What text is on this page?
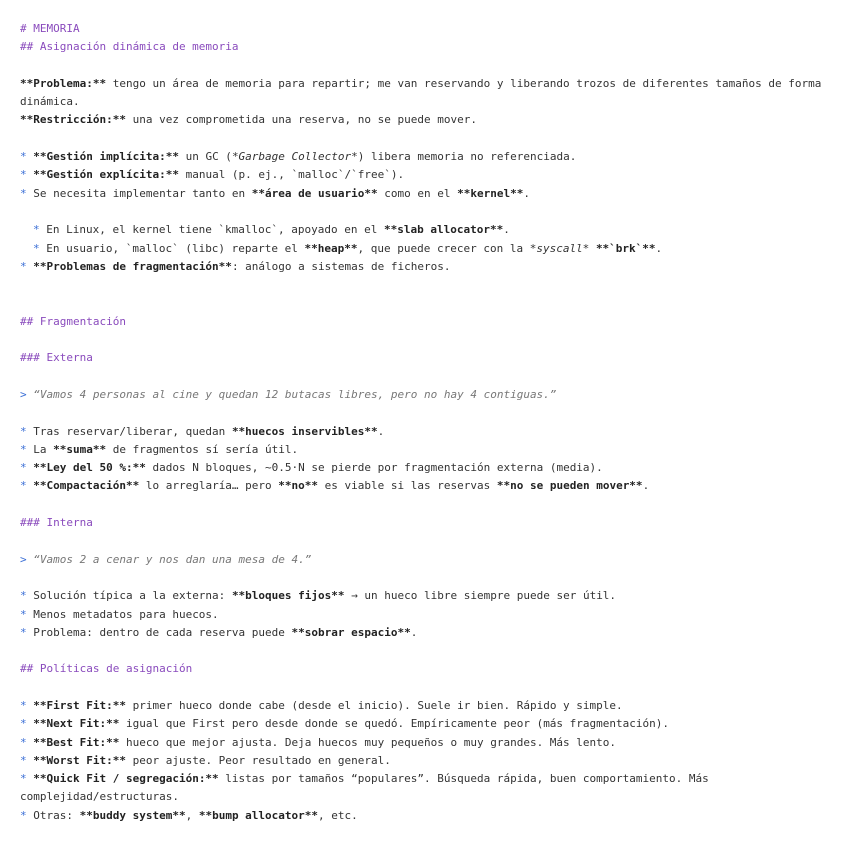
# MEMORIA
## Asignación dinámica de memoria
**Problema:** tengo un área de memoria para repartir; me van reservando y liberando trozos de diferentes tamaños de forma dinámica.
**Restricción:** una vez comprometida una reserva, no se puede mover.
* **Gestión implícita:** un GC (*Garbage Collector*) libera memoria no referenciada.
* **Gestión explícita:** manual (p. ej., `malloc`/`free`).
* Se necesita implementar tanto en **área de usuario** como en el **kernel**.
* En Linux, el kernel tiene `kmalloc`, apoyado en el **slab allocator**.
* En usuario, `malloc` (libc) reparte el **heap**, que puede crecer con la *syscall* **`brk`**.
* **Problemas de fragmentación**: análogo a sistemas de ficheros.
## Fragmentación
### Externa
> “Vamos 4 personas al cine y quedan 12 butacas libres, pero no hay 4 contiguas.”
* Tras reservar/liberar, quedan **huecos inservibles**.
* La **suma** de fragmentos sí sería útil.
* **Ley del 50 %:** dados N bloques, ~0.5·N se pierde por fragmentación externa (media).
* **Compactación** lo arreglaría… pero **no** es viable si las reservas **no se pueden mover**.
### Interna
> “Vamos 2 a cenar y nos dan una mesa de 4.”
* Solución típica a la externa: **bloques fijos** → un hueco libre siempre puede ser útil.
* Menos metadatos para huecos.
* Problema: dentro de cada reserva puede **sobrar espacio**.
## Políticas de asignación
* **First Fit:** primer hueco donde cabe (desde el inicio). Suele ir bien. Rápido y simple.
* **Next Fit:** igual que First pero desde donde se quedó. Empíricamente peor (más fragmentación).
* **Best Fit:** hueco que mejor ajusta. Deja huecos muy pequeños o muy grandes. Más lento.
* **Worst Fit:** peor ajuste. Peor resultado en general.
* **Quick Fit / segregación:** listas por tamaños “populares”. Búsqueda rápida, buen comportamiento. Más complejidad/estructuras.
* Otras: **buddy system**, **bump allocator**, etc.
